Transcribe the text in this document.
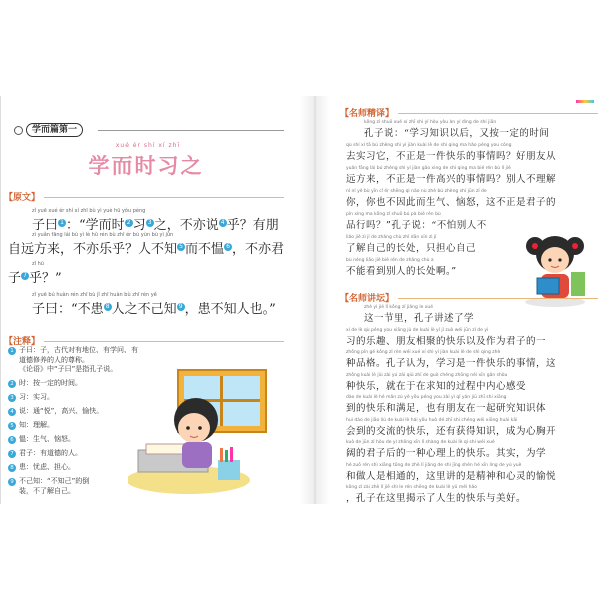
学而篇第一
xué ér shí xí zhī
学而时习之
【原文】
zǐ yuē xué ér shí xí zhī bù yì yuè hū yǒu péng
子曰 1 ：“学而时 2 习 3 之，不亦说 4 乎？有朋
zì yuǎn fāng lái bù yì lè hū rén bù zhī ér bù yùn bù yì jūn
自远方来，不亦乐乎？人不知 5 而不愠 6 ，不亦君
zǐ hū
子 7 乎？”
zǐ yuē bú huàn rén zhī bù jǐ zhī huàn bù zhī rén yě
子曰：“不患 8 人之不己知 9 ，患不知人也。”
【注释】
1 子曰：子，古代对有地位、有学问、有道德修养的人的尊称。
《论语》中“子曰”是指孔子说。
2 时：按一定的时间。
3 习：实习。
4 说：通“悦”，高兴、愉快。
5 知：理解。
6 愠：生气、恼怒。
7 君子：有道德的人。
8 患：忧虑、担心。
9 不己知：“不知己”的倒
装，不了解自己。
【名师精译】
kǒng zǐ shuō xué xí zhī shi yǐ hòu yòu àn yí dìng de shí jiān
孔子说：“学习知识以后，又按一定的时间
qù shí xí tā bú zhèng shì yí jiàn kuài lè de shì qing ma hǎo péng you cóng
去实习它，不正是一件快乐的事情吗？好朋友从
yuǎn fāng lái bú zhèng shì yí jiàn gāo xìng de shì qing ma bié rén bù lǐ jiě
远方来，不正是一件高兴的事情吗？别人不理解
nǐ nǐ yě bù yīn cǐ ér shēng qì nǎo nù zhè bú zhèng shì jūn zǐ de
你，你也不因此而生气、恼怒，这不正是君子的
pǐn xíng ma kǒng zǐ shuō bú pà bié rén bù
品行吗？”孔子说：“不怕别人不
liǎo jiě zì jǐ de zhǎng chù zhǐ dān xīn zì jǐ
了解自己的长处，只担心自己
bù néng liǎo jiě bié rén de zhǎng chù a
不能看到别人的长处啊。”
【名师讲坛】
zhè yì jié lǐ kǒng zǐ jiǎng le xué
这一节里，孔子讲述了学
xí de lè qù péng you xiāng jù de kuài lè yǐ jí zuò wéi jūn zǐ de yì
习的乐趣、朋友相聚的快乐以及作为君子的一
zhǒng pǐn gé kǒng zǐ rèn wéi xué xí shì yí jiàn kuài lè de shì qing zhè
种品格。孔子认为，学习是一件快乐的事情，这
zhǒng kuài lè jiù zài yú zài qiú zhī de guò chéng zhōng nèi xīn gǎn shòu
种快乐，就在于在求知的过程中内心感受
dào de kuài lè hé mǎn zú yě yǒu péng you zài yì qǐ yán jiū zhī shi xiāng
到的快乐和满足，也有朋友在一起研究知识体
huì dào de jiāo liú de kuài lè hái yǒu huò dé zhī shi chéng wéi xiōng huái kāi
会到的交流的快乐，还有获得知识，成为心胸开
kuò de jūn zǐ hòu de yì zhǒng xīn lǐ shàng de kuài lè qí shí wéi xué
阔的君子后的一种心理上的快乐。其实，为学
hé zuò rén shì xiāng tōng de zhè lǐ jiǎng de shì jīng shén hé xīn líng de yú yuè
和做人是相通的，这里讲的是精神和心灵的愉悦
kǒng zǐ zài zhè lǐ jiē shì le rén shēng de kuài lè yǔ měi hǎo
，孔子在这里揭示了人生的快乐与美好。
